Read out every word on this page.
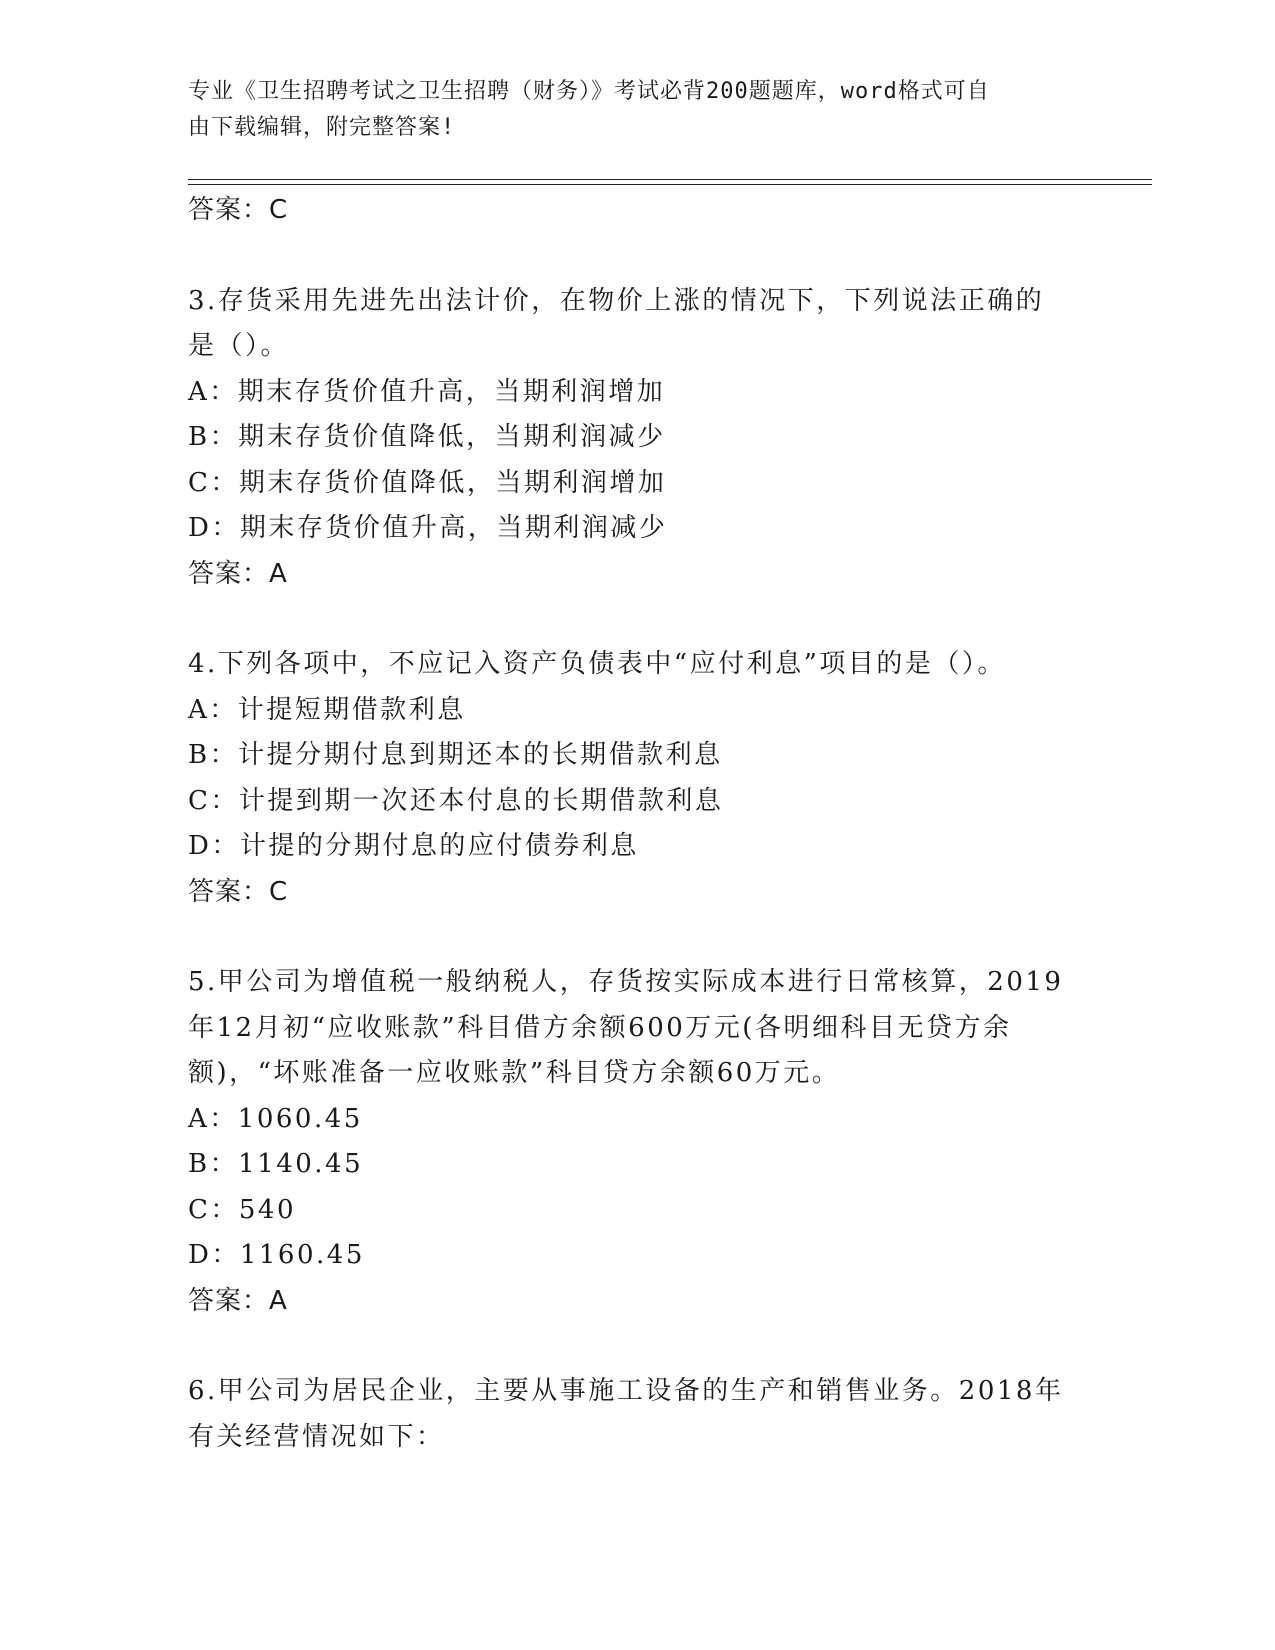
专业《卫生招聘考试之卫生招聘（财务）》考试必背200题题库，word格式可自
由下载编辑，附完整答案!
答案：C
3.存货采用先进先出法计价，在物价上涨的情况下，下列说法正确的
是（）。
A：期末存货价值升高，当期利润增加
B：期末存货价值降低，当期利润减少
C：期末存货价值降低，当期利润增加
D：期末存货价值升高，当期利润减少
答案：A
4.下列各项中，不应记入资产负债表中“应付利息”项目的是（）。
A：计提短期借款利息
B：计提分期付息到期还本的长期借款利息
C：计提到期一次还本付息的长期借款利息
D：计提的分期付息的应付债券利息
答案：C
5.甲公司为增值税一般纳税人，存货按实际成本进行日常核算，2019
年12月初“应收账款”科目借方余额600万元(各明细科目无贷方余
额)，“坏账准备一应收账款”科目贷方余额60万元。
A：1060.45
B：1140.45
C：540
D：1160.45
答案：A
6.甲公司为居民企业，主要从事施工设备的生产和销售业务。2018年
有关经营情况如下：
